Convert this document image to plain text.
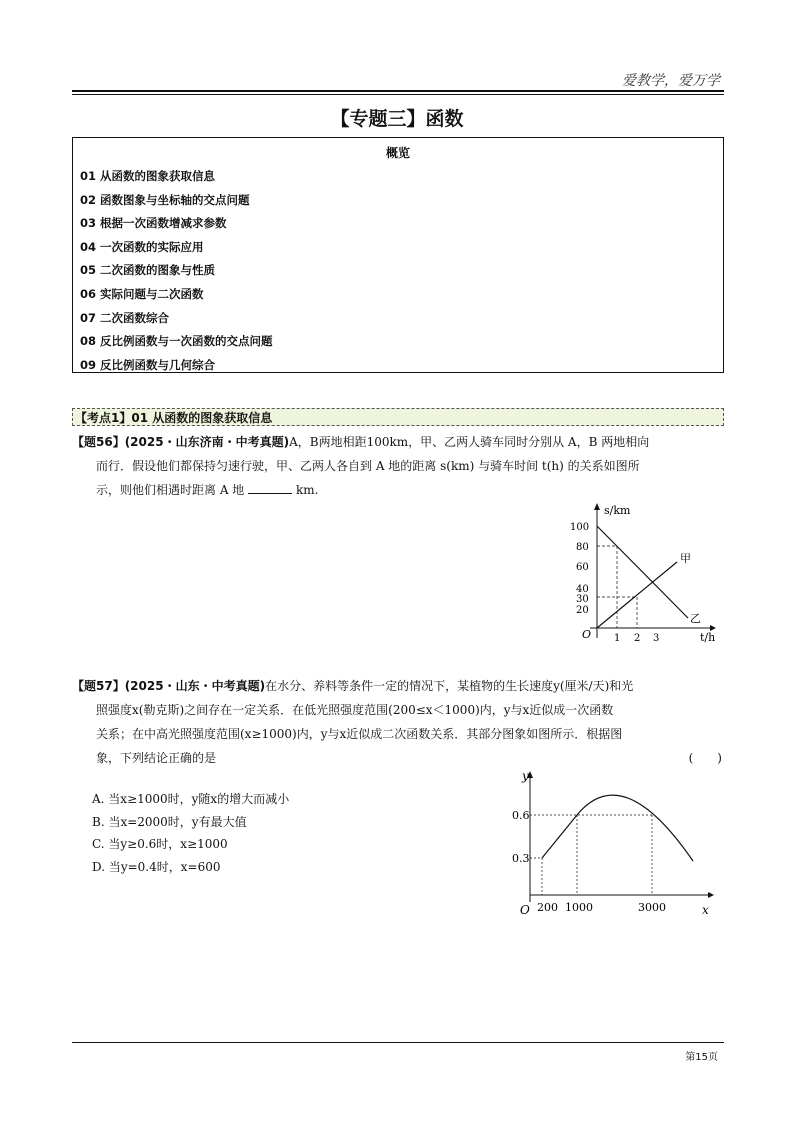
爱教学，爱万学
【专题三】函数
概览
01 从函数的图象获取信息
02 函数图象与坐标轴的交点问题
03 根据一次函数增减求参数
04 一次函数的实际应用
05 二次函数的图象与性质
06 实际问题与二次函数
07 二次函数综合
08 反比例函数与一次函数的交点问题
09 反比例函数与几何综合
【考点1】01 从函数的图象获取信息
【题56】(2025・山东济南・中考真题)A，B两地相距100km，甲、乙两人骑车同时分别从 A，B 两地相向
而行．假设他们都保持匀速行驶，甲、乙两人各自到 A 地的距离 s(km) 与骑车时间 t(h) 的关系如图所
示，则他们相遇时距离 A 地	km.
s/km
t/h
O
100
80
60
40
30
20
1 2 3
甲
乙
【题57】(2025・山东・中考真题)在水分、养料等条件一定的情况下，某植物的生长速度y(厘米/天)和光
照强度x(勒克斯)之间存在一定关系．在低光照强度范围(200≤x＜1000)内，y与x近似成一次函数
关系；在中高光照强度范围(x≥1000)内，y与x近似成二次函数关系．其部分图象如图所示．根据图
象，下列结论正确的是	(　　)
A. 当x≥1000时，y随x的增大而减小
B. 当x=2000时，y有最大值
C. 当y≥0.6时，x≥1000
D. 当y=0.4时，x=600
y
x
O
0.6
0.3
200 1000	3000
第15页
